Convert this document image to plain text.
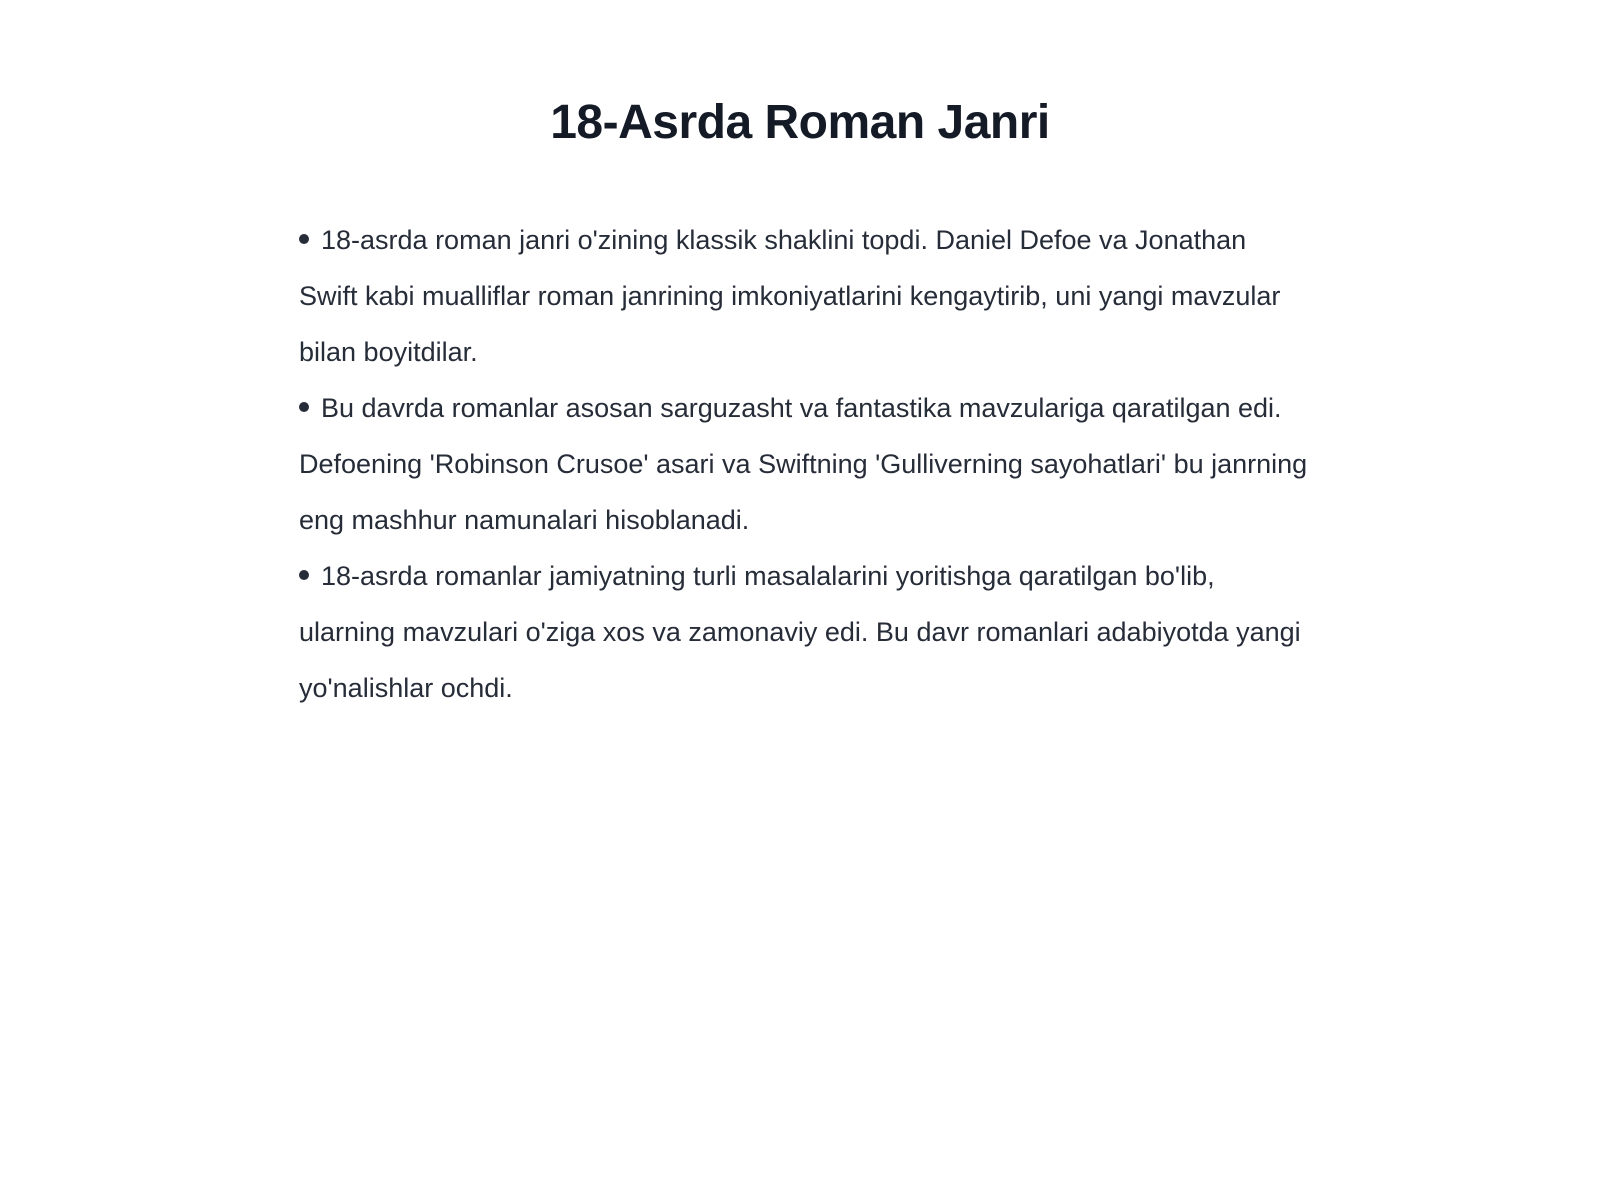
18-Asrda Roman Janri
18-asrda roman janri o'zining klassik shaklini topdi. Daniel Defoe va Jonathan Swift kabi mualliflar roman janrining imkoniyatlarini kengaytirib, uni yangi mavzular bilan boyitdilar.
Bu davrda romanlar asosan sarguzasht va fantastika mavzulariga qaratilgan edi. Defoening 'Robinson Crusoe' asari va Swiftning 'Gulliverning sayohatlari' bu janrning eng mashhur namunalari hisoblanadi.
18-asrda romanlar jamiyatning turli masalalarini yoritishga qaratilgan bo'lib, ularning mavzulari o'ziga xos va zamonaviy edi. Bu davr romanlari adabiyotda yangi yo'nalishlar ochdi.
